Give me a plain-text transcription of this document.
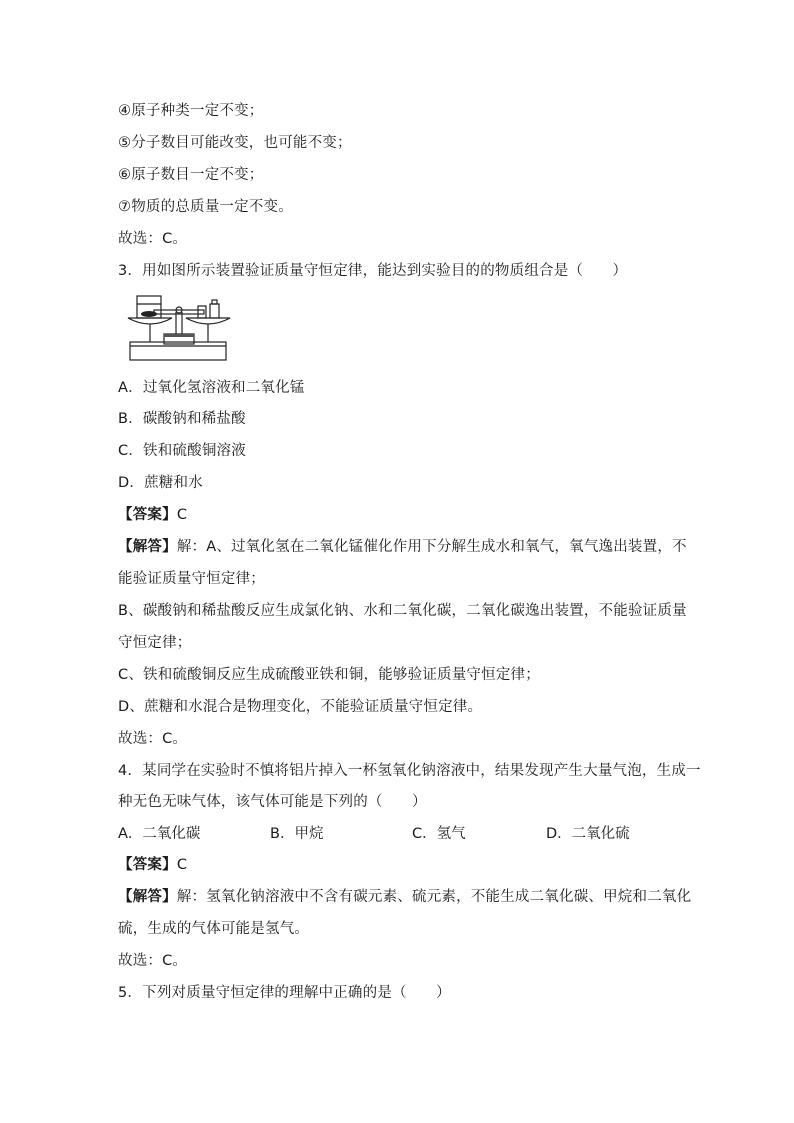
④原子种类一定不变；
⑤分子数目可能改变，也可能不变；
⑥原子数目一定不变；
⑦物质的总质量一定不变。
故选：C。
3．用如图所示装置验证质量守恒定律，能达到实验目的的物质组合是（　　）
A．过氧化氢溶液和二氧化锰
B．碳酸钠和稀盐酸
C．铁和硫酸铜溶液
D．蔗糖和水
【答案】C
【解答】解：A、过氧化氢在二氧化锰催化作用下分解生成水和氧气，氧气逸出装置，不
能验证质量守恒定律；
B、碳酸钠和稀盐酸反应生成氯化钠、水和二氧化碳，二氧化碳逸出装置，不能验证质量
守恒定律；
C、铁和硫酸铜反应生成硫酸亚铁和铜，能够验证质量守恒定律；
D、蔗糖和水混合是物理变化，不能验证质量守恒定律。
故选：C。
4．某同学在实验时不慎将铝片掉入一杯氢氧化钠溶液中，结果发现产生大量气泡，生成一
种无色无味气体，该气体可能是下列的（　　）
A．二氧化碳	B．甲烷	C．氢气	D．二氧化硫
【答案】C
【解答】解：氢氧化钠溶液中不含有碳元素、硫元素，不能生成二氧化碳、甲烷和二氧化
硫，生成的气体可能是氢气。
故选：C。
5．下列对质量守恒定律的理解中正确的是（　　）
